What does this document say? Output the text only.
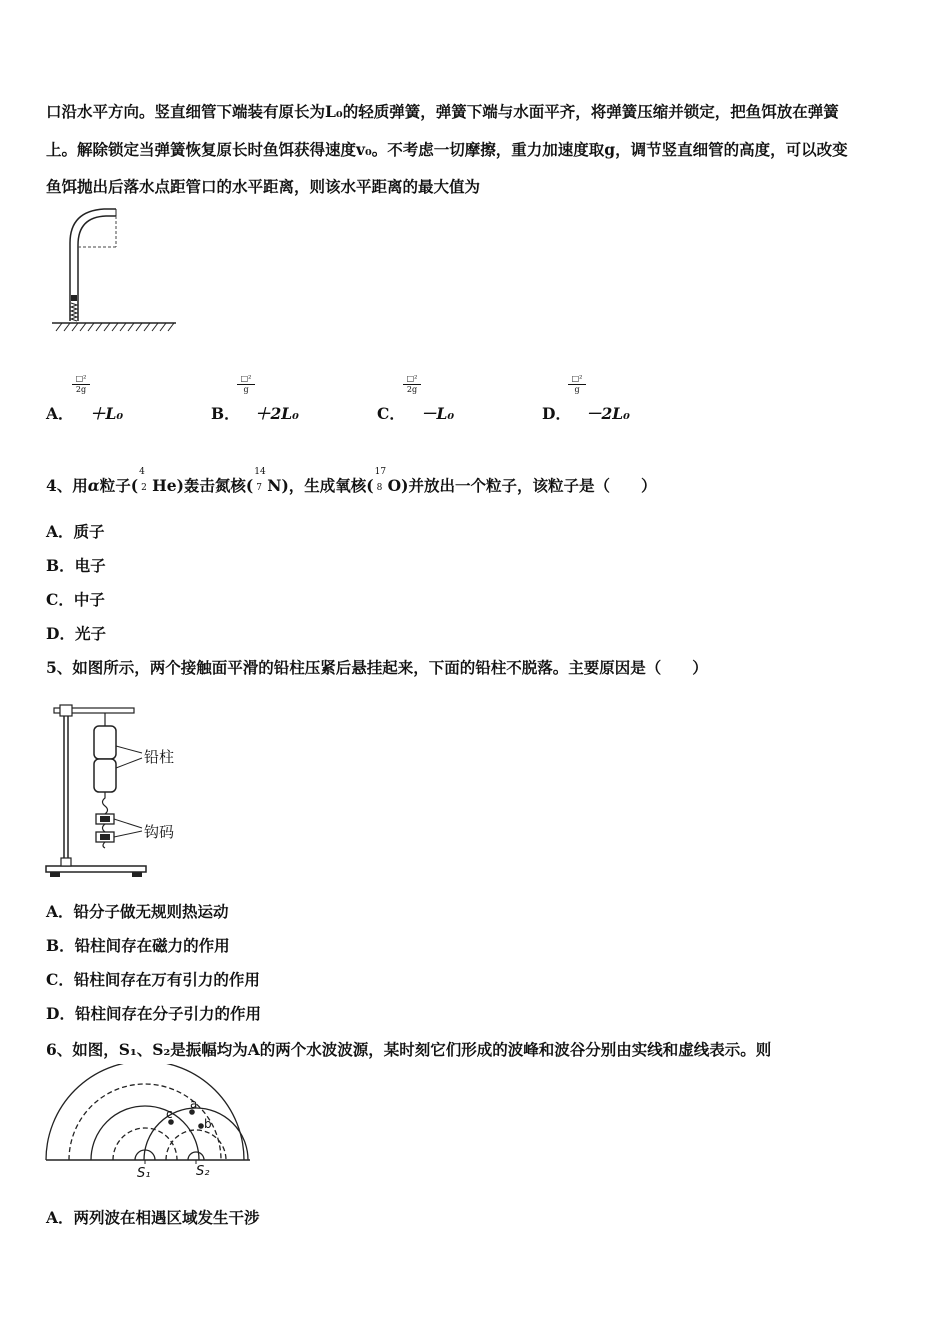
口沿水平方向。竖直细管下端装有原长为L₀的轻质弹簧，弹簧下端与水面平齐，将弹簧压缩并锁定，把鱼饵放在弹簧
上。解除锁定当弹簧恢复原长时鱼饵获得速度v₀。不考虑一切摩擦，重力加速度取g，调节竖直细管的高度，可以改变
鱼饵抛出后落水点距管口的水平距离，则该水平距离的最大值为
A．
□²
2g
＋L₀	B．
□²
g
＋2L₀	C．
□²
2g
－L₀	D．
□²
g
－2L₀
4、用α粒子(
4
2 He)轰击氮核(
14
7 N)，生成氧核(
17
8 O)并放出一个粒子，该粒子是（　　）
A．质子
B．电子
C．中子
D．光子
5、如图所示，两个接触面平滑的铅柱压紧后悬挂起来，下面的铅柱不脱落。主要原因是（　　）
铅柱
钩码
A．铅分子做无规则热运动
B．铅柱间存在磁力的作用
C．铅柱间存在万有引力的作用
D．铅柱间存在分子引力的作用
6、如图，S₁、S₂是振幅均为A的两个水波波源，某时刻它们形成的波峰和波谷分别由实线和虚线表示。则
S₁	S₂
c
a
b
A．两列波在相遇区域发生干涉
